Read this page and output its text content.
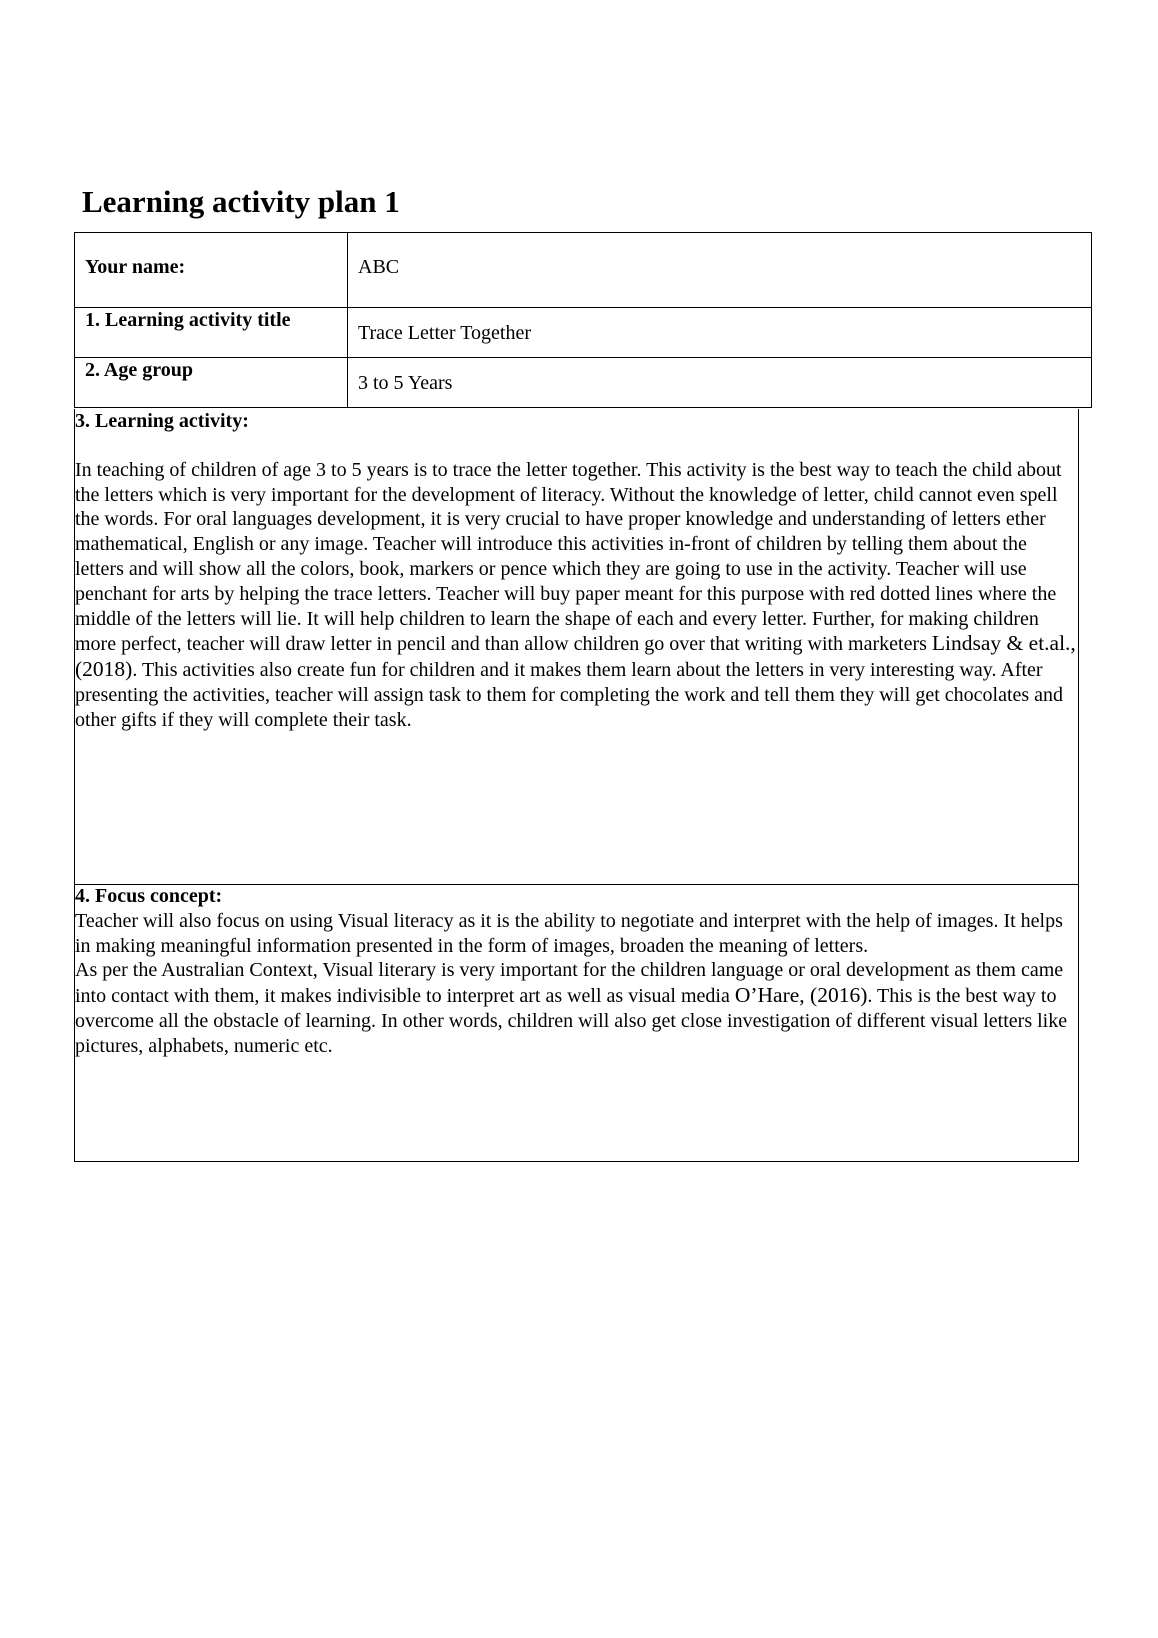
Learning activity plan 1
Your name:	ABC
1. Learning activity title	Trace Letter Together
2. Age group	3 to 5 Years

3. Learning activity:

In teaching of children of age 3 to 5 years is to trace the letter together. This activity is the best way to teach the child about the letters which is very important for the development of literacy. Without the knowledge of letter, child cannot even spell the words. For oral languages development, it is very crucial to have proper knowledge and understanding of letters ether mathematical, English or any image. Teacher will introduce this activities in-front of children by telling them about the letters and will show all the colors, book, markers or pence which they are going to use in the activity. Teacher will use penchant for arts by helping the trace letters. Teacher will buy paper meant for this purpose with red dotted lines where the middle of the letters will lie. It will help children to learn the shape of each and every letter. Further, for making children more perfect, teacher will draw letter in pencil and than allow children go over that writing with marketers Lindsay & et.al., (2018). This activities also create fun for children and it makes them learn about the letters in very interesting way. After presenting the activities, teacher will assign task to them for completing the work and tell them they will get chocolates and other gifts if they will complete their task.

4. Focus concept:

Teacher will also focus on using Visual literacy as it is the ability to negotiate and interpret with the help of images. It helps in making meaningful information presented in the form of images, broaden the meaning of letters.

As per the Australian Context, Visual literary is very important for the children language or oral development as them came into contact with them, it makes indivisible to interpret art as well as visual media O’Hare, (2016). This is the best way to overcome all the obstacle of learning. In other words, children will also get close investigation of different visual letters like pictures, alphabets, numeric etc.
